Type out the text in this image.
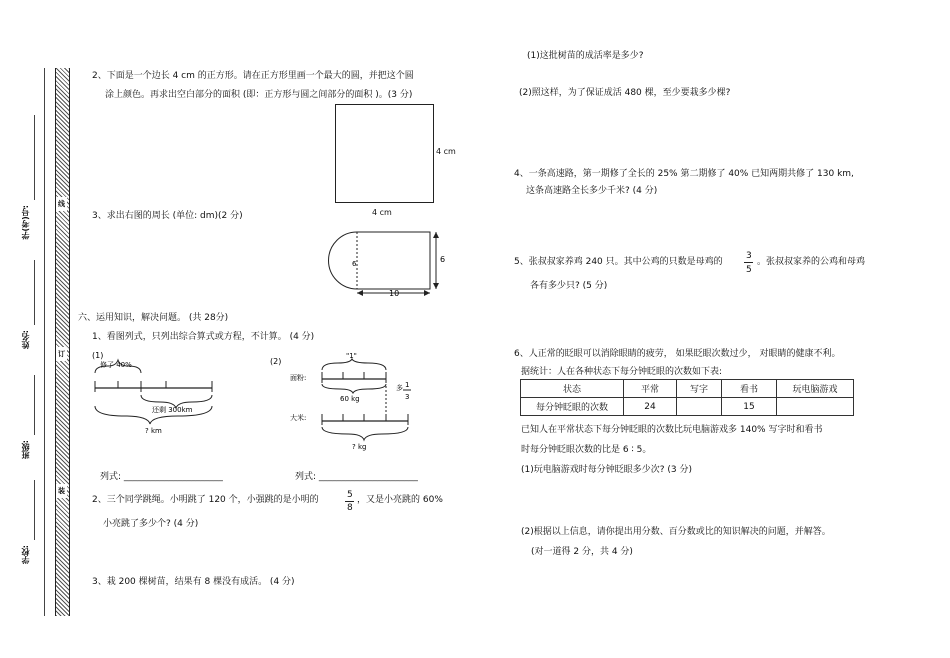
学(考)号:
姓名:
班级:
学校:
线
订
装
2、下面是一个边长 4 cm 的正方形。请在正方形里画一个最大的圆，并把这个圆
涂上颜色。再求出空白部分的面积 (即：正方形与圆之间部分的面积 )。(3 分)
4 cm
4 cm
3、求出右图的周长 (单位: dm)(2 分)
6	6
10
六、运用知识，解决问题。 (共 28分)
1、看图列式，只列出综合算式或方程，不计算。 (4 分)
(1)
修了 40%
还剩 300km
? km
(2)
"1"
面粉:
60 kg
多 1
3
大米:
? kg
列式: ______________________	列式: ______________________
2、三个同学跳绳。小明跳了 120 个，小强跳的是小明的	5
8
，又是小亮跳的 60%
小亮跳了多少个? (4 分)
3、栽 200 棵树苗，结果有 8 棵没有成活。 (4 分)
(1)这批树苗的成活率是多少?
(2)照这样，为了保证成活 480 棵，至少要栽多少棵?
4、一条高速路，第一期修了全长的 25% 第二期修了 40% 已知两期共修了 130 km,
这条高速路全长多少千米? (4 分)
5、张叔叔家养鸡 240 只。其中公鸡的只数是母鸡的
3
5
。张叔叔家养的公鸡和母鸡
各有多少只? (5 分)
6、人正常的眨眼可以消除眼睛的疲劳， 如果眨眼次数过少， 对眼睛的健康不利。
据统计：人在各种状态下每分钟眨眼的次数如下表:
状态	平常	写字	看书	玩电脑游戏
每分钟眨眼的次数	24		15	
已知人在平常状态下每分钟眨眼的次数比玩电脑游戏多 140% 写字时和看书
时每分钟眨眼次数的比是 6 ∶ 5。
(1)玩电脑游戏时每分钟眨眼多少次? (3 分)
(2)根据以上信息，请你提出用分数、百分数或比的知识解决的问题，并解答。
(对一道得 2 分，共 4 分)
